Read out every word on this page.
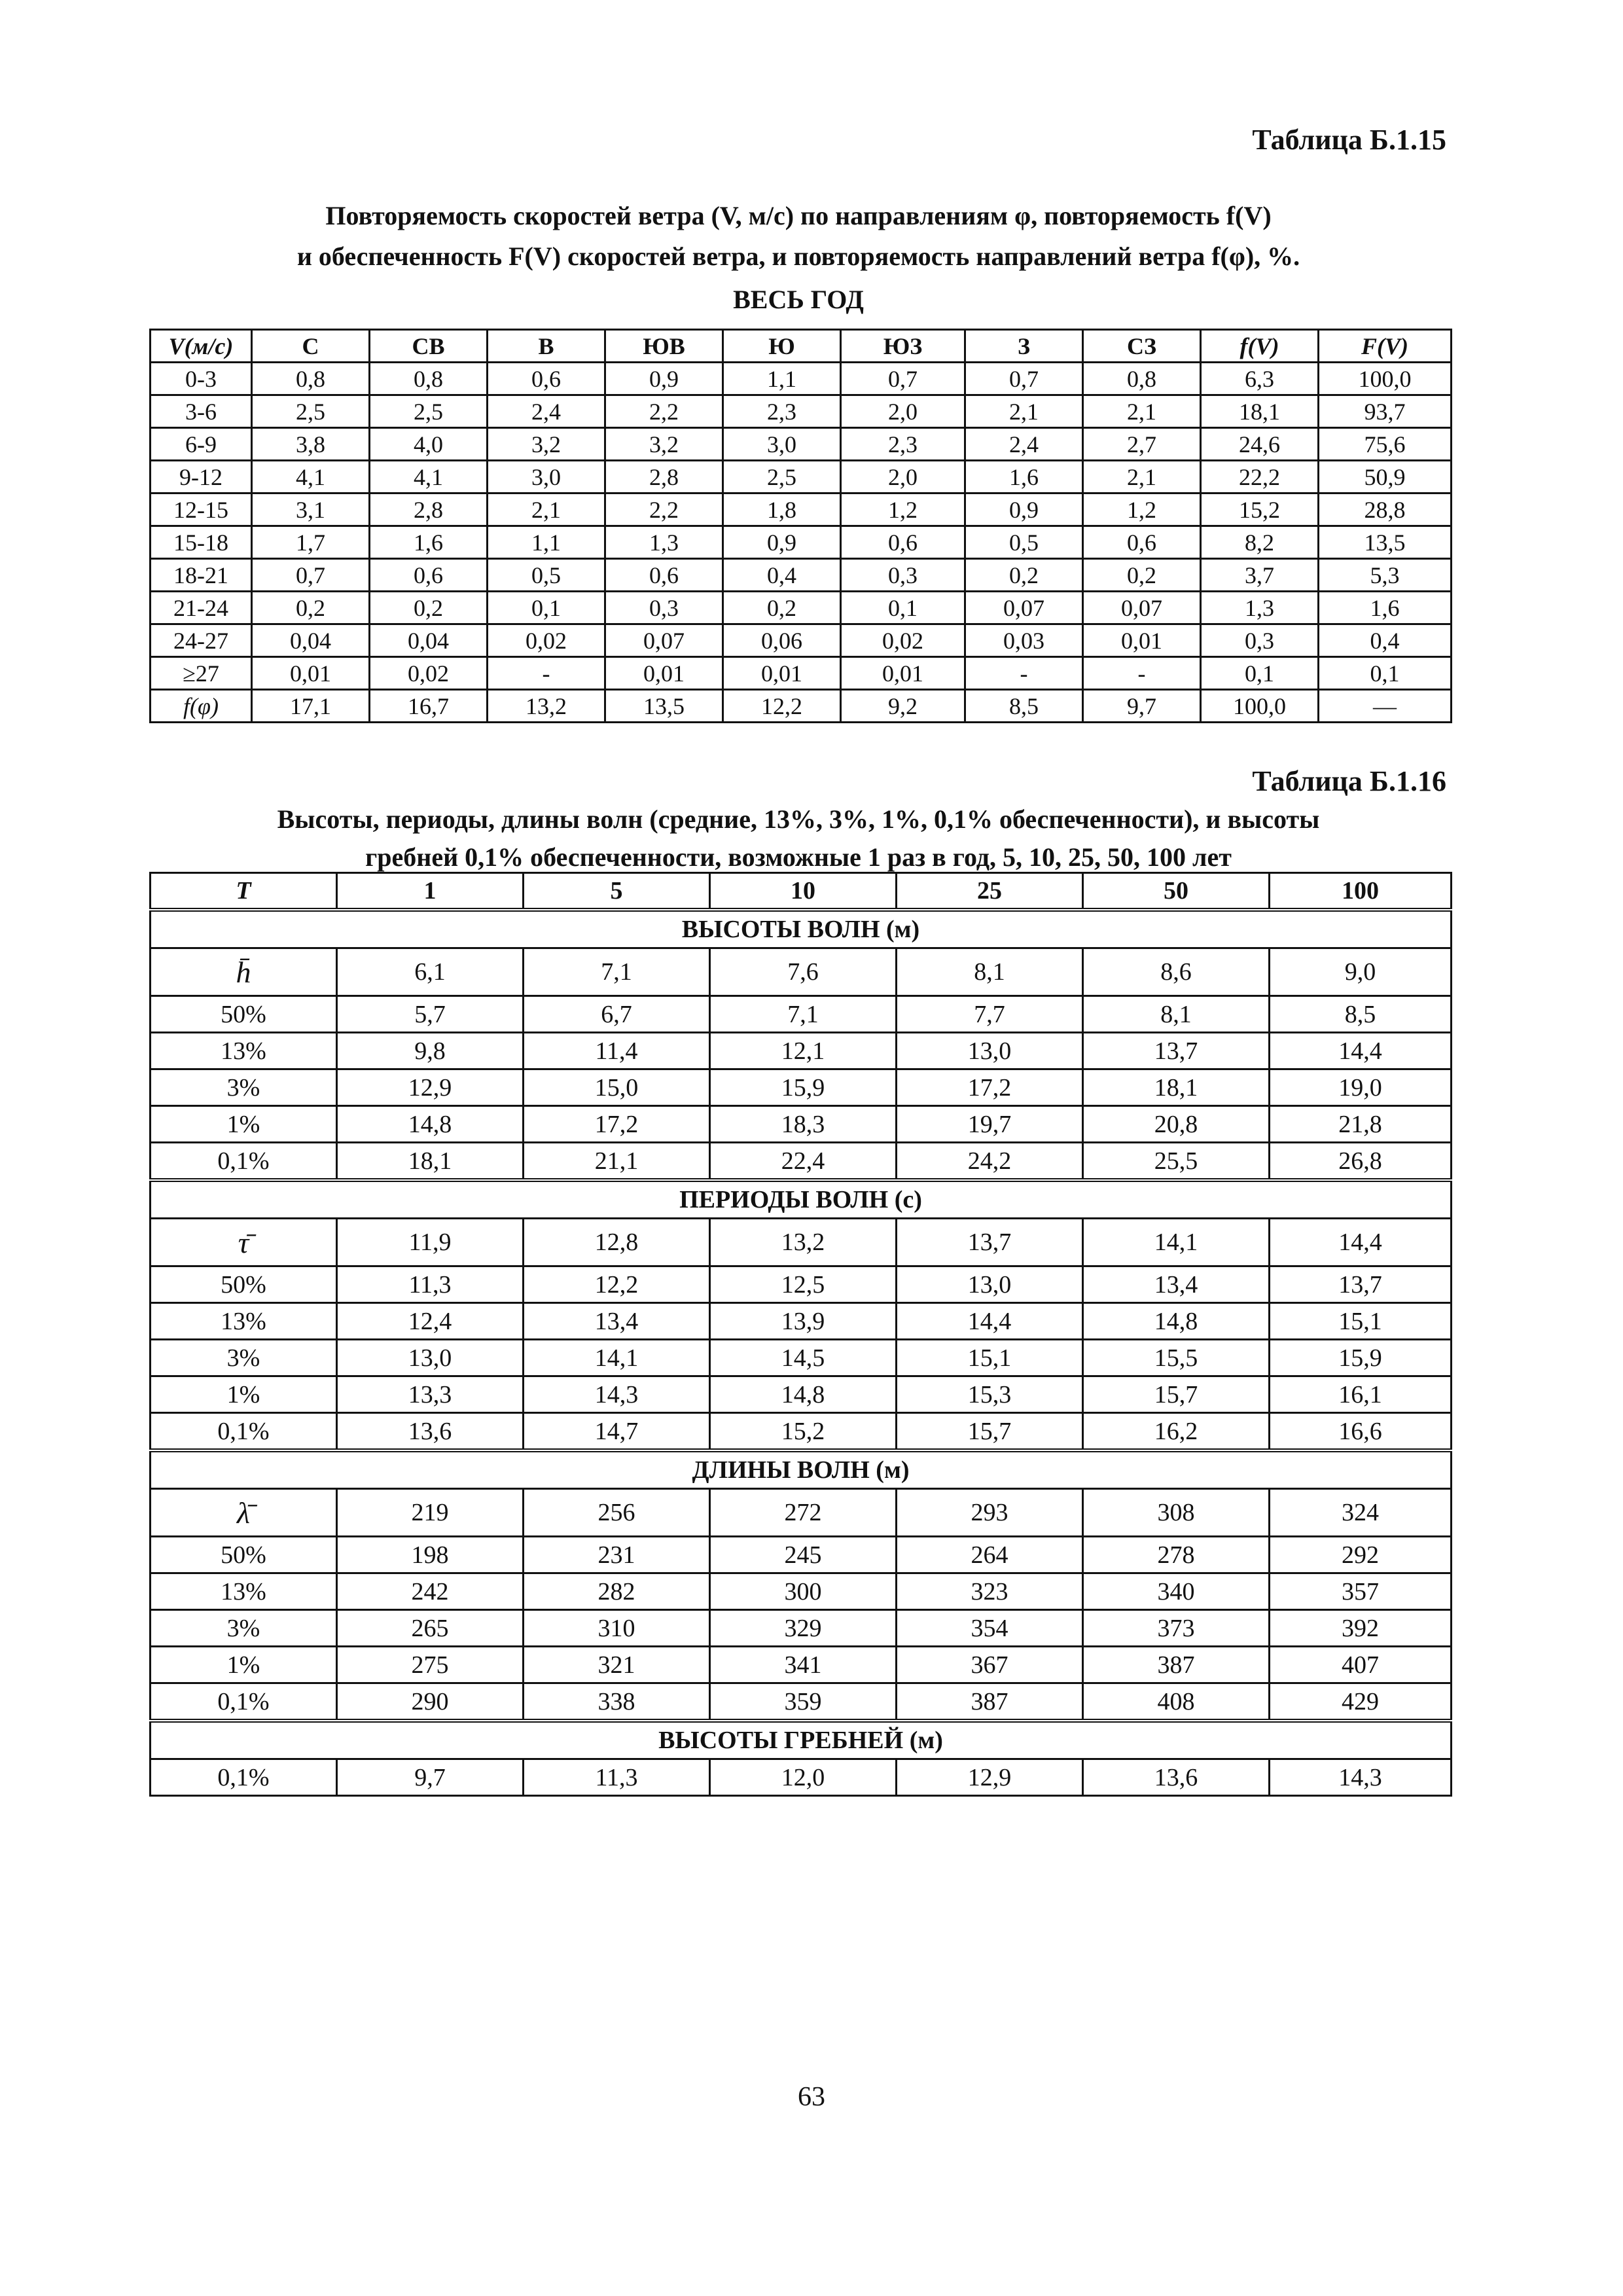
Таблица Б.1.15
Повторяемость скоростей ветра (V, м/с) по направлениям φ, повторяемость f(V)
и обеспеченность F(V) скоростей ветра, и повторяемость направлений ветра f(φ), %.
ВЕСЬ ГОД
V(м/с)	С	СВ	В	ЮВ	Ю	ЮЗ	З	СЗ	f(V)	F(V)
0-3	0,8	0,8	0,6	0,9	1,1	0,7	0,7	0,8	6,3	100,0
3-6	2,5	2,5	2,4	2,2	2,3	2,0	2,1	2,1	18,1	93,7
6-9	3,8	4,0	3,2	3,2	3,0	2,3	2,4	2,7	24,6	75,6
9-12	4,1	4,1	3,0	2,8	2,5	2,0	1,6	2,1	22,2	50,9
12-15	3,1	2,8	2,1	2,2	1,8	1,2	0,9	1,2	15,2	28,8
15-18	1,7	1,6	1,1	1,3	0,9	0,6	0,5	0,6	8,2	13,5
18-21	0,7	0,6	0,5	0,6	0,4	0,3	0,2	0,2	3,7	5,3
21-24	0,2	0,2	0,1	0,3	0,2	0,1	0,07	0,07	1,3	1,6
24-27	0,04	0,04	0,02	0,07	0,06	0,02	0,03	0,01	0,3	0,4
≥27	0,01	0,02	-	0,01	0,01	0,01	-	-	0,1	0,1
f(φ)	17,1	16,7	13,2	13,5	12,2	9,2	8,5	9,7	100,0	—
Таблица Б.1.16
Высоты, периоды, длины волн (средние, 13%, 3%, 1%, 0,1% обеспеченности), и высоты
гребней 0,1% обеспеченности, возможные 1 раз в год, 5, 10, 25, 50, 100 лет
T	1	5	10	25	50	100
ВЫСОТЫ ВОЛН (м)						
h̄	6,1	7,1	7,6	8,1	8,6	9,0
50%	5,7	6,7	7,1	7,7	8,1	8,5
13%	9,8	11,4	12,1	13,0	13,7	14,4
3%	12,9	15,0	15,9	17,2	18,1	19,0
1%	14,8	17,2	18,3	19,7	20,8	21,8
0,1%	18,1	21,1	22,4	24,2	25,5	26,8
ПЕРИОДЫ ВОЛН (с)						
τ̄	11,9	12,8	13,2	13,7	14,1	14,4
50%	11,3	12,2	12,5	13,0	13,4	13,7
13%	12,4	13,4	13,9	14,4	14,8	15,1
3%	13,0	14,1	14,5	15,1	15,5	15,9
1%	13,3	14,3	14,8	15,3	15,7	16,1
0,1%	13,6	14,7	15,2	15,7	16,2	16,6
ДЛИНЫ ВОЛН (м)						
λ̄	219	256	272	293	308	324
50%	198	231	245	264	278	292
13%	242	282	300	323	340	357
3%	265	310	329	354	373	392
1%	275	321	341	367	387	407
0,1%	290	338	359	387	408	429
ВЫСОТЫ ГРЕБНЕЙ (м)						
0,1%	9,7	11,3	12,0	12,9	13,6	14,3
63
